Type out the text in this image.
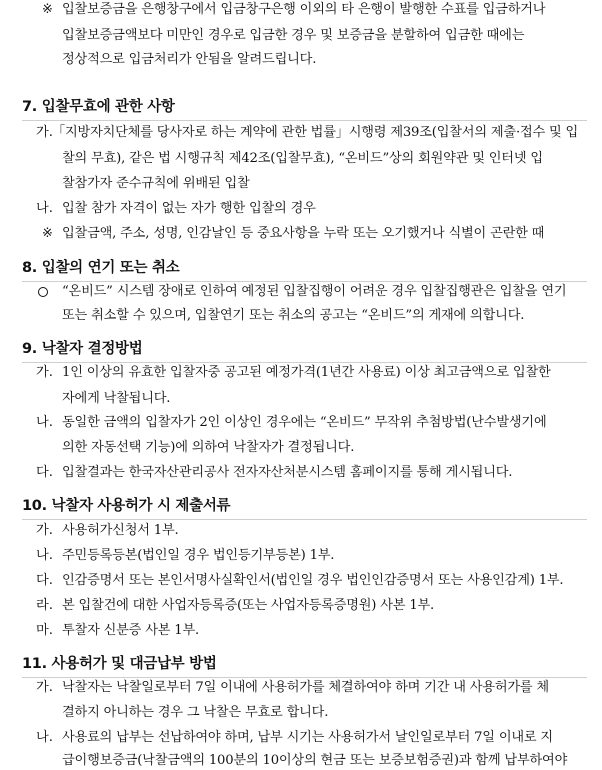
※ 입찰보증금을 은행창구에서 입금창구은행 이외의 타 은행이 발행한 수표를 입금하거나
입찰보증금액보다 미만인 경우로 입금한 경우 및 보증금을 분할하여 입금한 때에는
정상적으로 입금처리가 안됨을 알려드립니다.
7. 입찰무효에 관한 사항
가. 「지방자치단체를 당사자로 하는 계약에 관한 법률」시행령 제39조(입찰서의 제출·접수 및 입
찰의 무효), 같은 법 시행규칙 제42조(입찰무효), “온비드”상의 회원약관 및 인터넷 입
찰참가자 준수규칙에 위배된 입찰
나. 입찰 참가 자격이 없는 자가 행한 입찰의 경우
※ 입찰금액, 주소, 성명, 인감날인 등 중요사항을 누락 또는 오기했거나 식별이 곤란한 때
8. 입찰의 연기 또는 취소
“온비드” 시스템 장애로 인하여 예정된 입찰집행이 어려운 경우 입찰집행관은 입찰을 연기
또는 취소할 수 있으며, 입찰연기 또는 취소의 공고는 “온비드”의 게재에 의합니다.
9. 낙찰자 결정방법
가. 1인 이상의 유효한 입찰자중 공고된 예정가격(1년간 사용료) 이상 최고금액으로 입찰한
자에게 낙찰됩니다.
나. 동일한 금액의 입찰자가 2인 이상인 경우에는 “온비드” 무작위 추첨방법(난수발생기에
의한 자동선택 기능)에 의하여 낙찰자가 결정됩니다.
다. 입찰결과는 한국자산관리공사 전자자산처분시스템 홈페이지를 통해 게시됩니다.
10. 낙찰자 사용허가 시 제출서류
가. 사용허가신청서 1부.
나. 주민등록등본(법인일 경우 법인등기부등본) 1부.
다. 인감증명서 또는 본인서명사실확인서(법인일 경우 법인인감증명서 또는 사용인감계) 1부.
라. 본 입찰건에 대한 사업자등록증(또는 사업자등록증명원) 사본 1부.
마. 투찰자 신분증 사본 1부.
11. 사용허가 및 대금납부 방법
가. 낙찰자는 낙찰일로부터 7일 이내에 사용허가를 체결하여야 하며 기간 내 사용허가를 체
결하지 아니하는 경우 그 낙찰은 무효로 합니다.
나. 사용료의 납부는 선납하여야 하며, 납부 시기는 사용허가서 날인일로부터 7일 이내로 지
급이행보증금(낙찰금액의 100분의 10이상의 현금 또는 보증보험증권)과 함께 납부하여야
